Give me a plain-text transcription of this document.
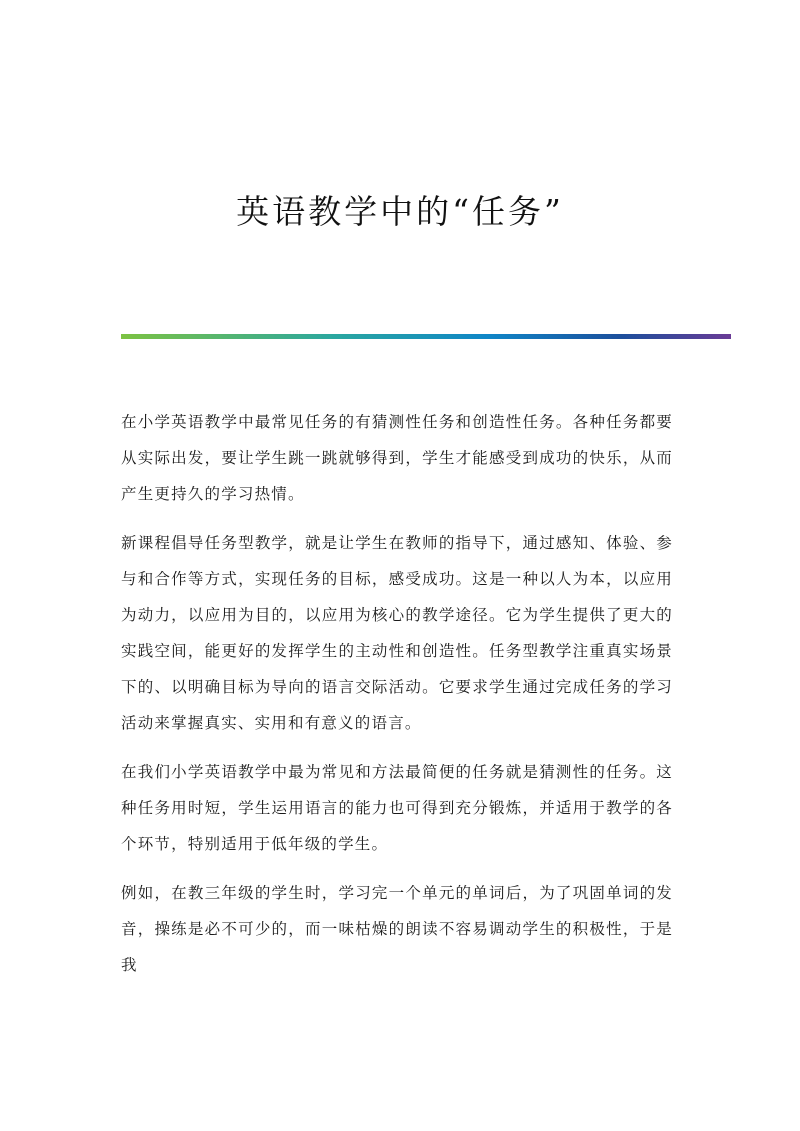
英语教学中的“任务”

在小学英语教学中最常见任务的有猜测性任务和创造性任务。各种任务都要从实际出发，要让学生跳一跳就够得到，学生才能感受到成功的快乐，从而产生更持久的学习热情。

新课程倡导任务型教学，就是让学生在教师的指导下，通过感知、体验、参与和合作等方式，实现任务的目标，感受成功。这是一种以人为本，以应用为动力，以应用为目的，以应用为核心的教学途径。它为学生提供了更大的实践空间，能更好的发挥学生的主动性和创造性。任务型教学注重真实场景下的、以明确目标为导向的语言交际活动。它要求学生通过完成任务的学习活动来掌握真实、实用和有意义的语言。

在我们小学英语教学中最为常见和方法最简便的任务就是猜测性的任务。这种任务用时短，学生运用语言的能力也可得到充分锻炼，并适用于教学的各个环节，特别适用于低年级的学生。

例如，在教三年级的学生时，学习完一个单元的单词后，为了巩固单词的发音，操练是必不可少的，而一味枯燥的朗读不容易调动学生的积极性，于是我
